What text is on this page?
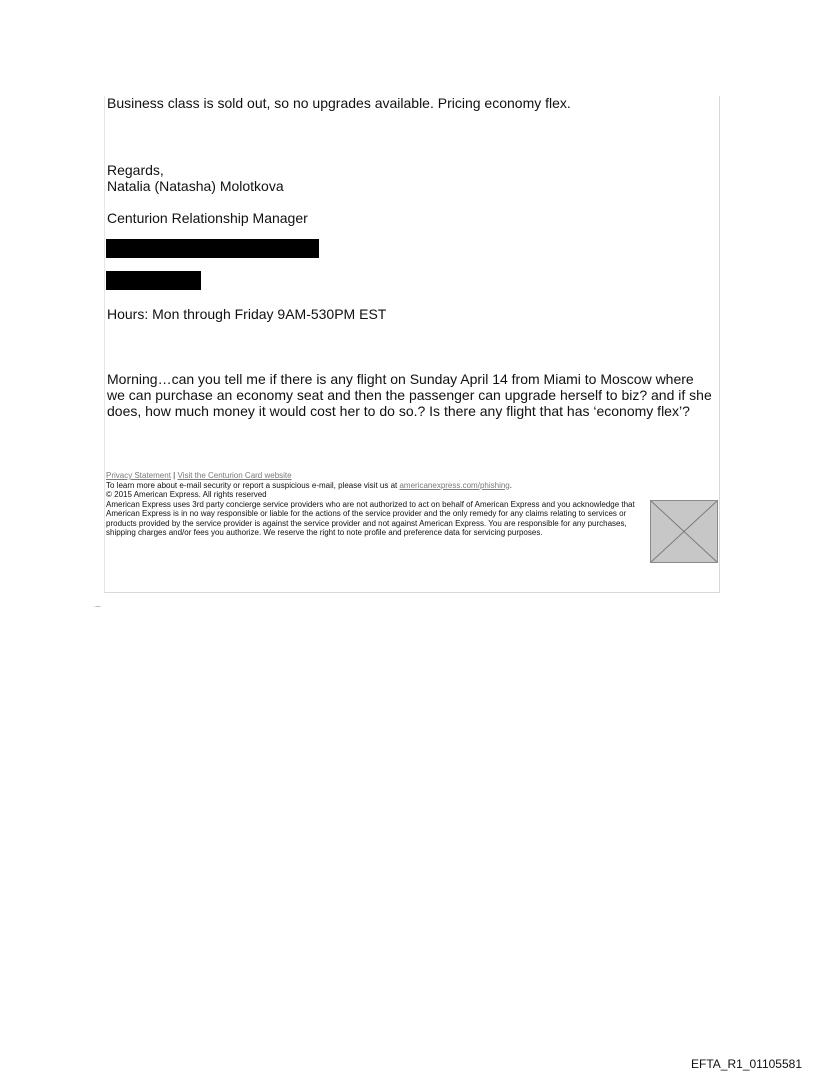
Business class is sold out, so no upgrades available. Pricing economy flex.

Regards,

Natalia (Natasha) Molotkova

Centurion Relationship Manager

Hours: Mon through Friday 9AM-530PM EST

Morning…can you tell me if there is any flight on Sunday April 14 from Miami to Moscow where we can purchase an economy seat and then the passenger can upgrade herself to biz? and if she does, how much money it would cost her to do so.? Is there any flight that has ‘economy flex’?

Privacy Statement | Visit the Centurion Card website
To learn more about e-mail security or report a suspicious e-mail, please visit us at americanexpress.com/phishing.
© 2015 American Express. All rights reserved
American Express uses 3rd party concierge service providers who are not authorized to act on behalf of American Express and you acknowledge that American Express is in no way responsible or liable for the actions of the service provider and the only remedy for any claims relating to services or products provided by the service provider is against the service provider and not against American Express. You are responsible for any purchases, shipping charges and/or fees you authorize. We reserve the right to note profile and preference data for servicing purposes.
·—
EFTA_R1_01105581
